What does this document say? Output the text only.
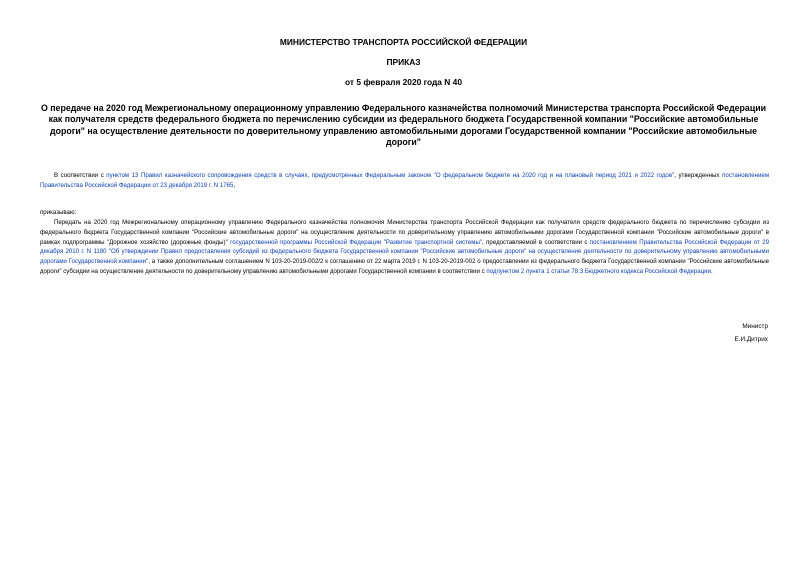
МИНИСТЕРСТВО ТРАНСПОРТА РОССИЙСКОЙ ФЕДЕРАЦИИ
ПРИКАЗ
от 5 февраля 2020 года N 40
О передаче на 2020 год Межрегиональному операционному управлению Федерального казначейства полномочий Министерства транспорта Российской Федерации как получателя средств федерального бюджета по перечислению субсидии из федерального бюджета Государственной компании "Российские автомобильные дороги" на осуществление деятельности по доверительному управлению автомобильными дорогами Государственной компании "Российские автомобильные дороги"
В соответствии с пунктом 13 Правил казначейского сопровождения средств в случаях, предусмотренных Федеральным законом "О федеральном бюджете на 2020 год и на плановый период 2021 и 2022 годов", утвержденных постановлением Правительства Российской Федерации от 23 декабря 2019 г. N 1765,
приказываю:
Передать на 2020 год Межрегиональному операционному управлению Федерального казначейства полномочия Министерства транспорта Российской Федерации как получателя средств федерального бюджета по перечислению субсидии из федерального бюджета Государственной компании "Российские автомобильные дороги" на осуществление деятельности по доверительному управлению автомобильными дорогами Государственной компании "Российские автомобильные дороги" в рамках подпрограммы "Дорожное хозяйство (дорожные фонды)" государственной программы Российской Федерации "Развитие транспортной системы", предоставляемой в соответствии с постановлением Правительства Российской Федерации от 29 декабря 2010 г. N 1180 "Об утверждении Правил предоставления субсидий из федерального бюджета Государственной компании "Российские автомобильные дороги" на осуществление деятельности по доверительному управлению автомобильными дорогами Государственной компании", а также дополнительным соглашением N 103-20-2019-002/2 к соглашению от 22 марта 2019 г. N 103-20-2019-002 о предоставлении из федерального бюджета Государственной компании "Российские автомобильные дороги" субсидии на осуществление деятельности по доверительному управлению автомобильными дорогами Государственной компании в соответствии с подпунктом 2 пункта 1 статьи 78.3 Бюджетного кодекса Российской Федерации.
Министр
Е.И.Дитрих
